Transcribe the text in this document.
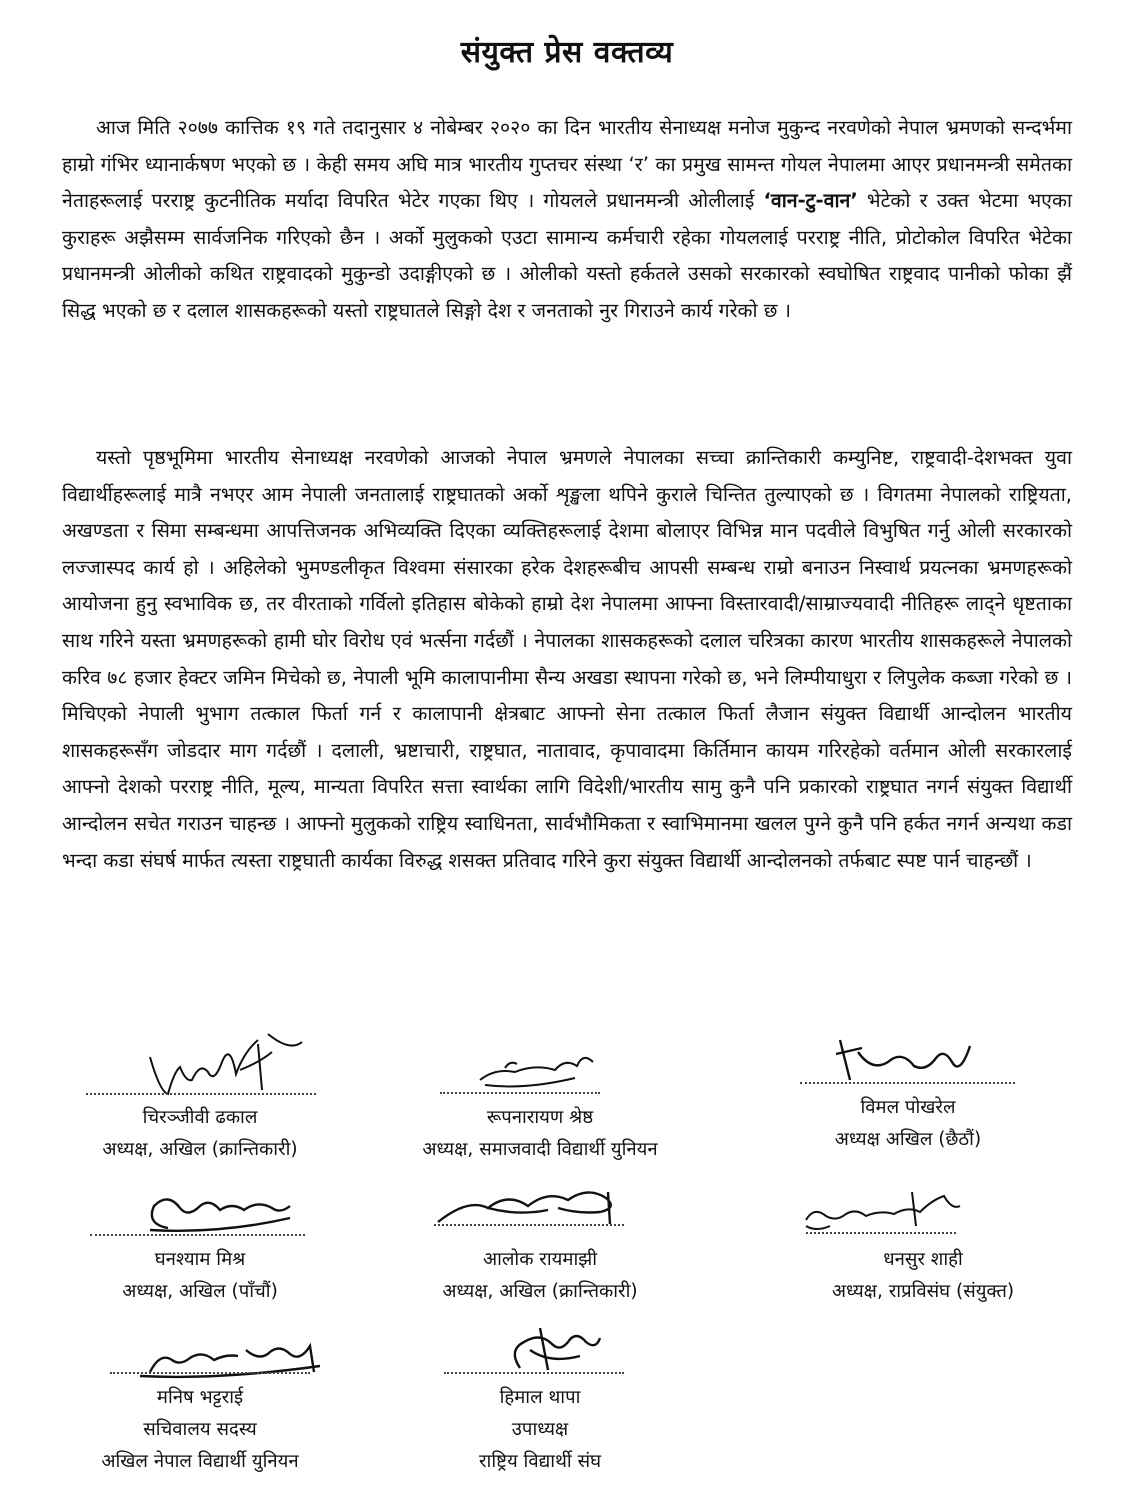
संयुक्त प्रेस वक्तव्य

आज मिति २०७७ कात्तिक १९ गते तदानुसार ४ नोबेम्बर २०२० का दिन भारतीय सेनाध्यक्ष मनोज मुकुन्द नरवणेको नेपाल भ्रमणको सन्दर्भमा हाम्रो गंभिर ध्यानार्कषण भएको छ । केही समय अघि मात्र भारतीय गुप्तचर संस्था ‘र’ का प्रमुख सामन्त गोयल नेपालमा आएर प्रधानमन्त्री समेतका नेताहरूलाई परराष्ट्र कुटनीतिक मर्यादा विपरित भेटेर गएका थिए । गोयलले प्रधानमन्त्री ओलीलाई ‘वान-टु-वान’ भेटेको र उक्त भेटमा भएका कुराहरू अझैसम्म सार्वजनिक गरिएको छैन । अर्को मुलुकको एउटा सामान्य कर्मचारी रहेका गोयललाई परराष्ट्र नीति, प्रोटोकोल विपरित भेटेका प्रधानमन्त्री ओलीको कथित राष्ट्रवादको मुकुन्डो उदाङ्गीएको छ । ओलीको यस्तो हर्कतले उसको सरकारको स्वघोषित राष्ट्रवाद पानीको फोका झैं सिद्ध भएको छ र दलाल शासकहरूको यस्तो राष्ट्रघातले सिङ्गो देश र जनताको नुर गिराउने कार्य गरेको छ ।

यस्तो पृष्ठभूमिमा भारतीय सेनाध्यक्ष नरवणेको आजको नेपाल भ्रमणले नेपालका सच्चा क्रान्तिकारी कम्युनिष्ट, राष्ट्रवादी-देशभक्त युवा विद्यार्थीहरूलाई मात्रै नभएर आम नेपाली जनतालाई राष्ट्रघातको अर्को शृङ्खला थपिने कुराले चिन्तित तुल्याएको छ । विगतमा नेपालको राष्ट्रियता, अखण्डता र सिमा सम्बन्धमा आपत्तिजनक अभिव्यक्ति दिएका व्यक्तिहरूलाई देशमा बोलाएर विभिन्न मान पदवीले विभुषित गर्नु ओली सरकारको लज्जास्पद कार्य हो । अहिलेको भुमण्डलीकृत विश्वमा संसारका हरेक देशहरूबीच आपसी सम्बन्ध राम्रो बनाउन निस्वार्थ प्रयत्नका भ्रमणहरूको आयोजना हुनु स्वभाविक छ, तर वीरताको गर्विलो इतिहास बोकेको हाम्रो देश नेपालमा आफ्ना विस्तारवादी/साम्राज्यवादी नीतिहरू लाद्ने धृष्टताका साथ गरिने यस्ता भ्रमणहरूको हामी घोर विरोध एवं भर्त्सना गर्दछौं । नेपालका शासकहरूको दलाल चरित्रका कारण भारतीय शासकहरूले नेपालको करिव ७८ हजार हेक्टर जमिन मिचेको छ, नेपाली भूमि कालापानीमा सैन्य अखडा स्थापना गरेको छ, भने लिम्पीयाधुरा र लिपुलेक कब्जा गरेको छ । मिचिएको नेपाली भुभाग तत्काल फिर्ता गर्न र कालापानी क्षेत्रबाट आफ्नो सेना तत्काल फिर्ता लैजान संयुक्त विद्यार्थी आन्दोलन भारतीय शासकहरूसँग जोडदार माग गर्दछौं । दलाली, भ्रष्टाचारी, राष्ट्रघात, नातावाद, कृपावादमा किर्तिमान कायम गरिरहेको वर्तमान ओली सरकारलाई आफ्नो देशको परराष्ट्र नीति, मूल्य, मान्यता विपरित सत्ता स्वार्थका लागि विदेशी/भारतीय सामु कुनै पनि प्रकारको राष्ट्रघात नगर्न संयुक्त विद्यार्थी आन्दोलन सचेत गराउन चाहन्छ । आफ्नो मुलुकको राष्ट्रिय स्वाधिनता, सार्वभौमिकता र स्वाभिमानमा खलल पुग्ने कुनै पनि हर्कत नगर्न अन्यथा कडा भन्दा कडा संघर्ष मार्फत त्यस्ता राष्ट्रघाती कार्यका विरुद्ध शसक्त प्रतिवाद गरिने कुरा संयुक्त विद्यार्थी आन्दोलनको तर्फबाट स्पष्ट पार्न चाहन्छौं ।

चिरञ्जीवी ढकाल
अध्यक्ष, अखिल (क्रान्तिकारी)
रूपनारायण श्रेष्ठ
अध्यक्ष, समाजवादी विद्यार्थी युनियन
विमल पोखरेल
अध्यक्ष अखिल (छैठौं)
घनश्याम मिश्र
अध्यक्ष, अखिल (पाँचौं)
आलोक रायमाझी
अध्यक्ष, अखिल (क्रान्तिकारी)
धनसुर शाही
अध्यक्ष, राप्रविसंघ (संयुक्त)
मनिष भट्टराई
सचिवालय सदस्य
अखिल नेपाल विद्यार्थी युनियन
हिमाल थापा
उपाध्यक्ष
राष्ट्रिय विद्यार्थी संघ
